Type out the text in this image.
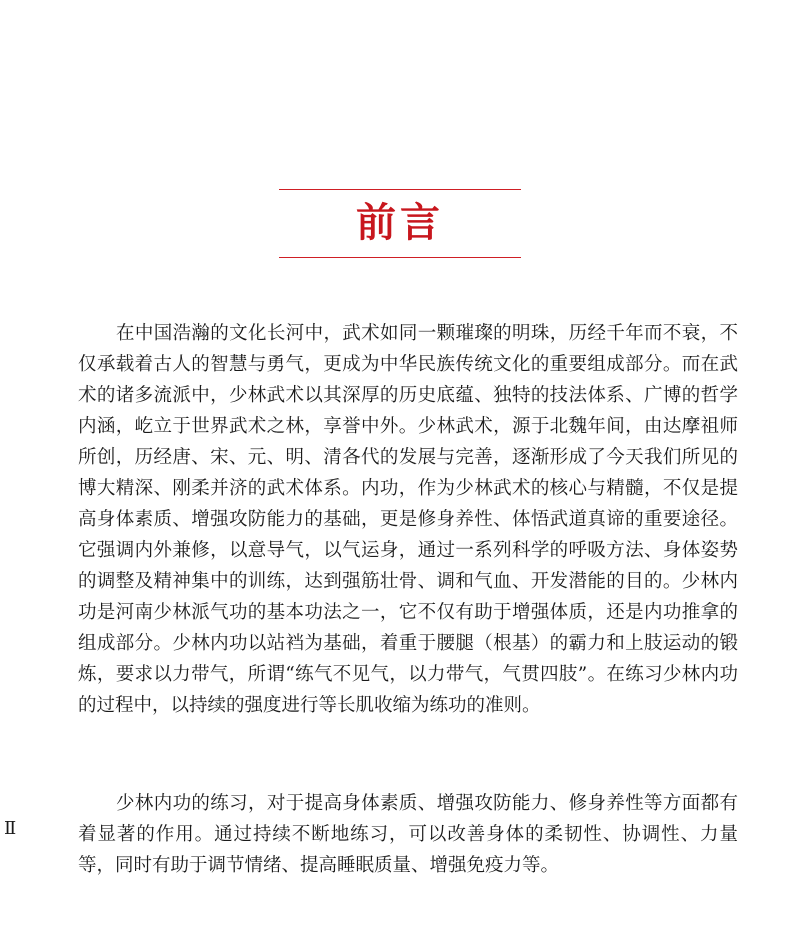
前言

在中国浩瀚的文化长河中，武术如同一颗璀璨的明珠，历经千年而不衰，不仅承载着古人的智慧与勇气，更成为中华民族传统文化的重要组成部分。而在武术的诸多流派中，少林武术以其深厚的历史底蕴、独特的技法体系、广博的哲学内涵，屹立于世界武术之林，享誉中外。少林武术，源于北魏年间，由达摩祖师所创，历经唐、宋、元、明、清各代的发展与完善，逐渐形成了今天我们所见的博大精深、刚柔并济的武术体系。内功，作为少林武术的核心与精髓，不仅是提高身体素质、增强攻防能力的基础，更是修身养性、体悟武道真谛的重要途径。它强调内外兼修，以意导气，以气运身，通过一系列科学的呼吸方法、身体姿势的调整及精神集中的训练，达到强筋壮骨、调和气血、开发潜能的目的。少林内功是河南少林派气功的基本功法之一，它不仅有助于增强体质，还是内功推拿的组成部分。少林内功以站裆为基础，着重于腰腿（根基）的霸力和上肢运动的锻炼，要求以力带气，所谓“练气不见气，以力带气，气贯四肢”。在练习少林内功的过程中，以持续的强度进行等长肌收缩为练功的准则。

少林内功的练习，对于提高身体素质、增强攻防能力、修身养性等方面都有着显著的作用。通过持续不断地练习，可以改善身体的柔韧性、协调性、力量等，同时有助于调节情绪、提高睡眠质量、增强免疫力等。

Ⅱ
